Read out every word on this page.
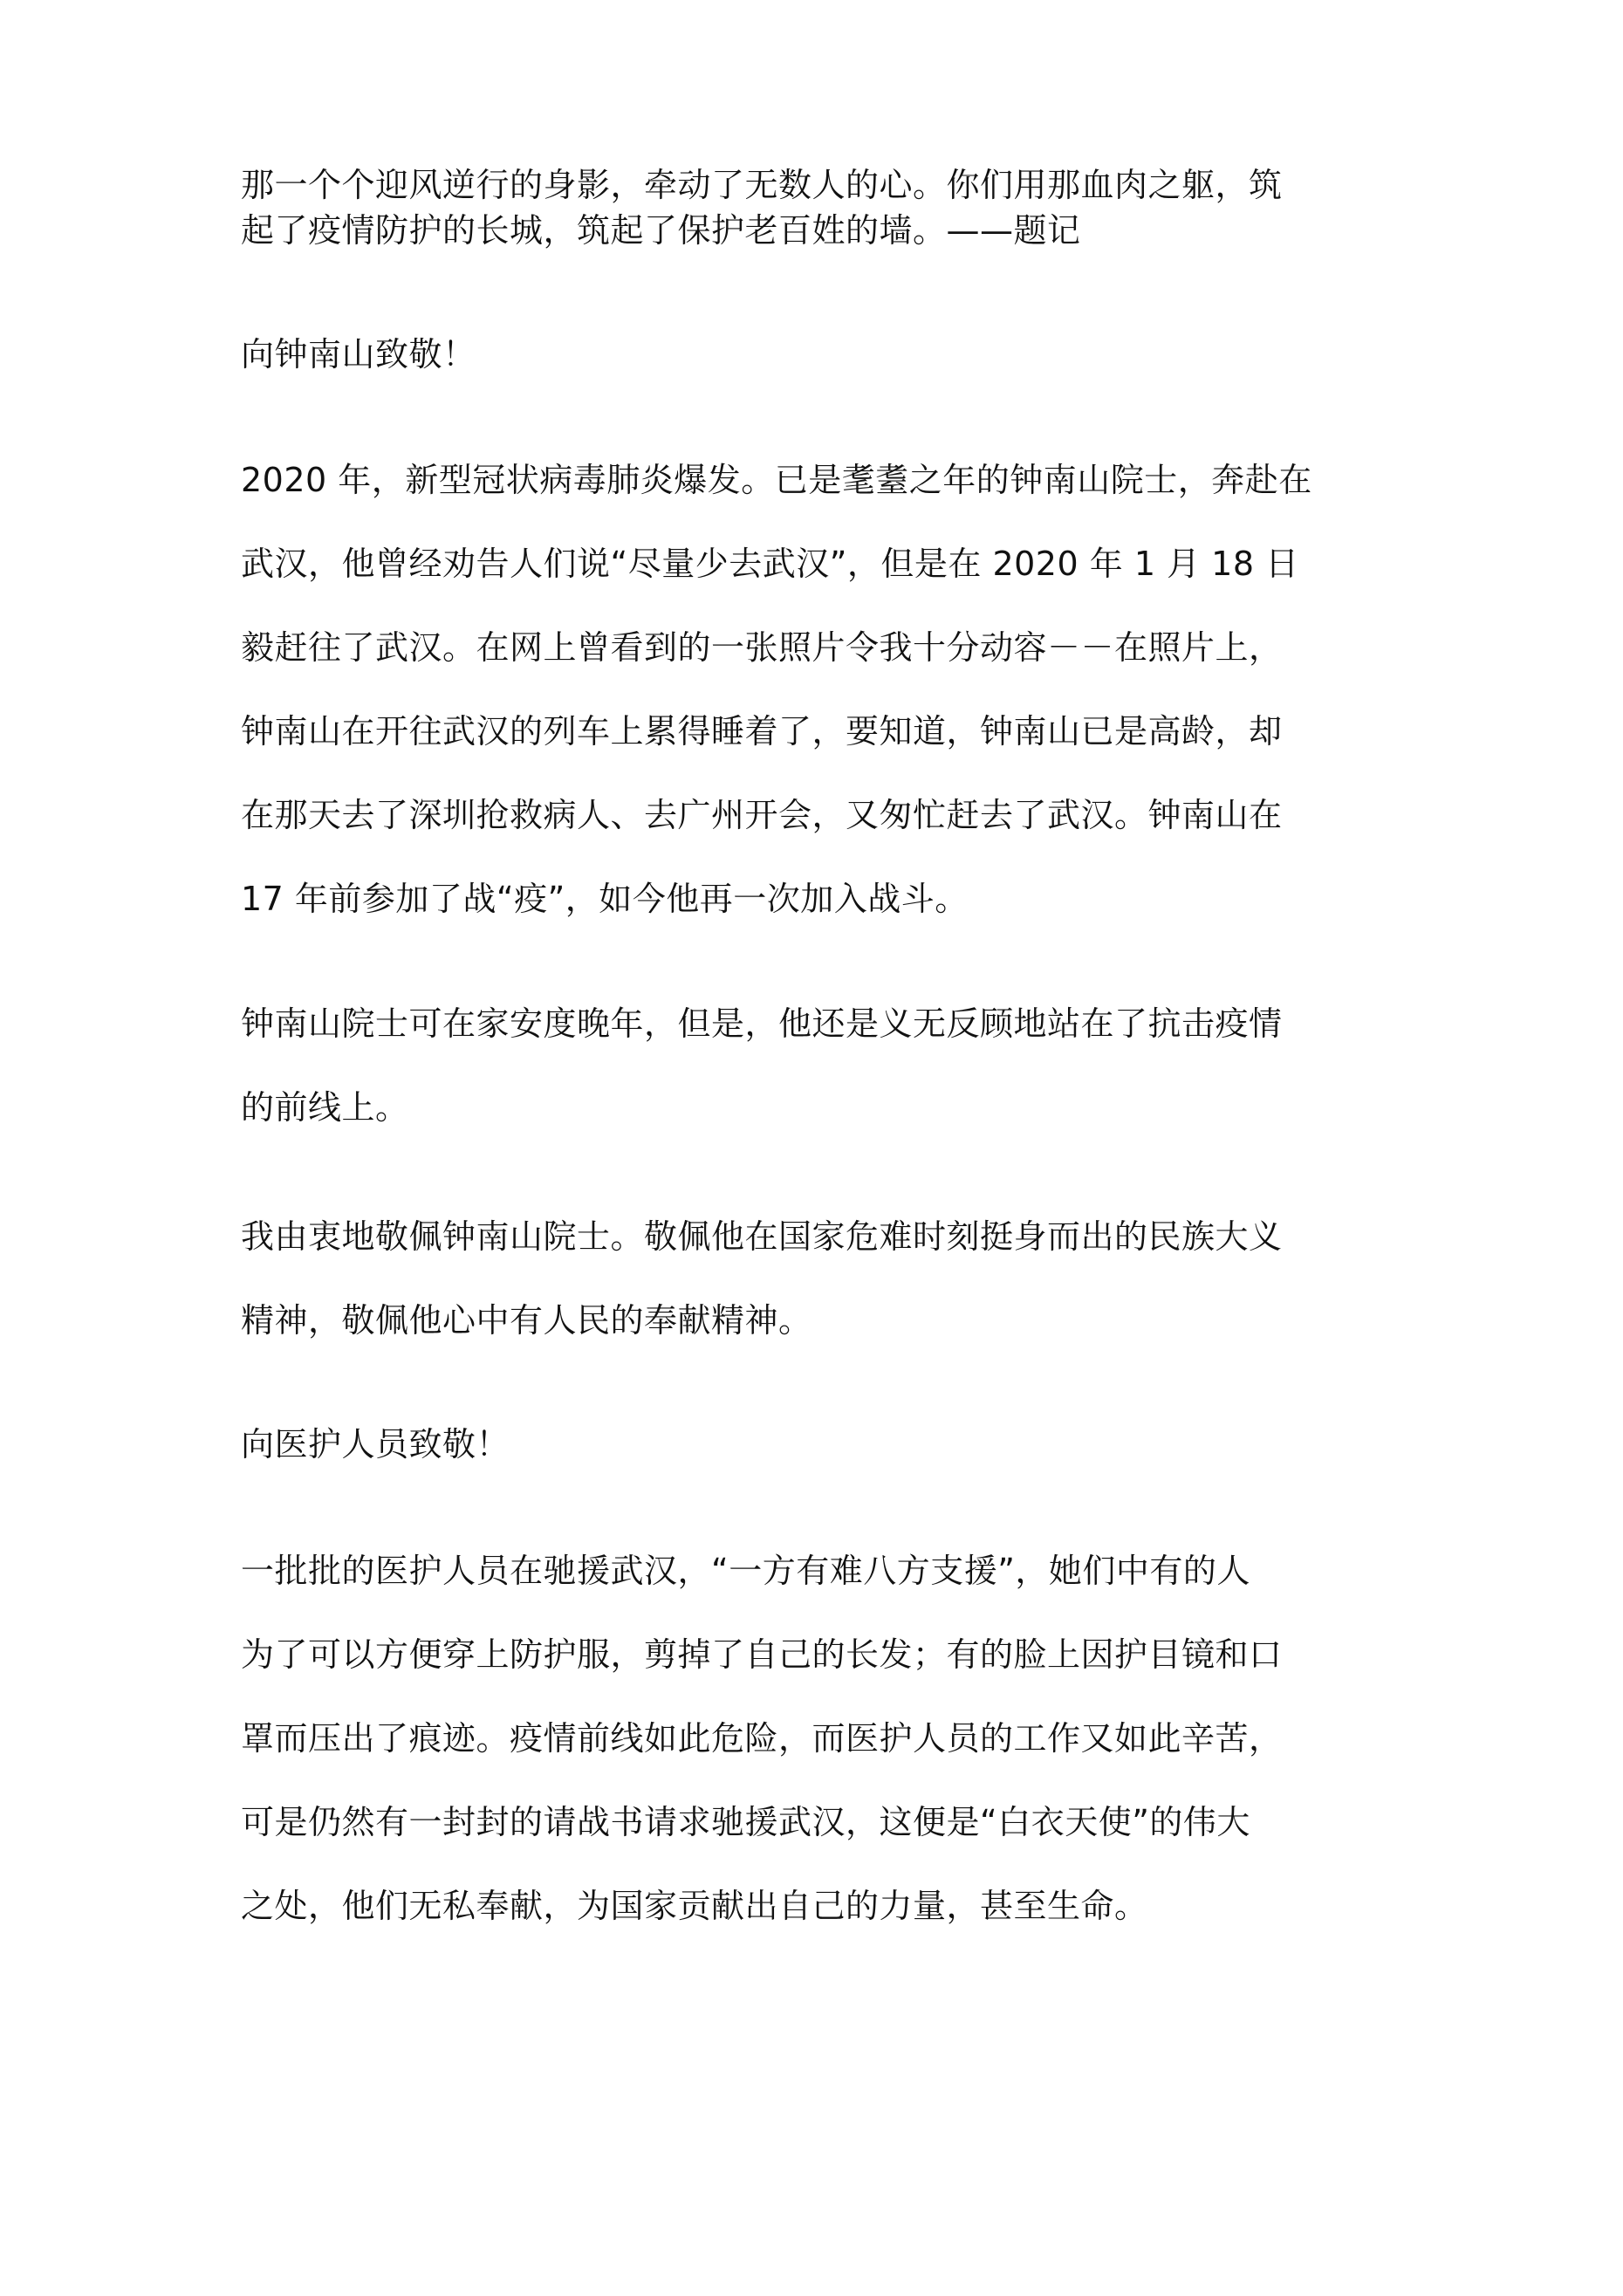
那一个个迎风逆行的身影，牵动了无数人的心。你们用那血肉之躯，筑
起了疫情防护的长城，筑起了保护老百姓的墙。——题记
向钟南山致敬！
2020 年，新型冠状病毒肺炎爆发。已是耄耋之年的钟南山院士，奔赴在
武汉，他曾经劝告人们说“尽量少去武汉”，但是在 2020 年 1 月 18 日
毅赶往了武汉。在网上曾看到的一张照片令我十分动容－－在照片上，
钟南山在开往武汉的列车上累得睡着了，要知道，钟南山已是高龄，却
在那天去了深圳抢救病人、去广州开会，又匆忙赶去了武汉。钟南山在
17 年前参加了战“疫”，如今他再一次加入战斗。
钟南山院士可在家安度晚年，但是，他还是义无反顾地站在了抗击疫情
的前线上。
我由衷地敬佩钟南山院士。敬佩他在国家危难时刻挺身而出的民族大义
精神，敬佩他心中有人民的奉献精神。
向医护人员致敬！
一批批的医护人员在驰援武汉，“一方有难八方支援”，她们中有的人
为了可以方便穿上防护服，剪掉了自己的长发；有的脸上因护目镜和口
罩而压出了痕迹。疫情前线如此危险，而医护人员的工作又如此辛苦，
可是仍然有一封封的请战书请求驰援武汉，这便是“白衣天使”的伟大
之处，他们无私奉献，为国家贡献出自己的力量，甚至生命。
